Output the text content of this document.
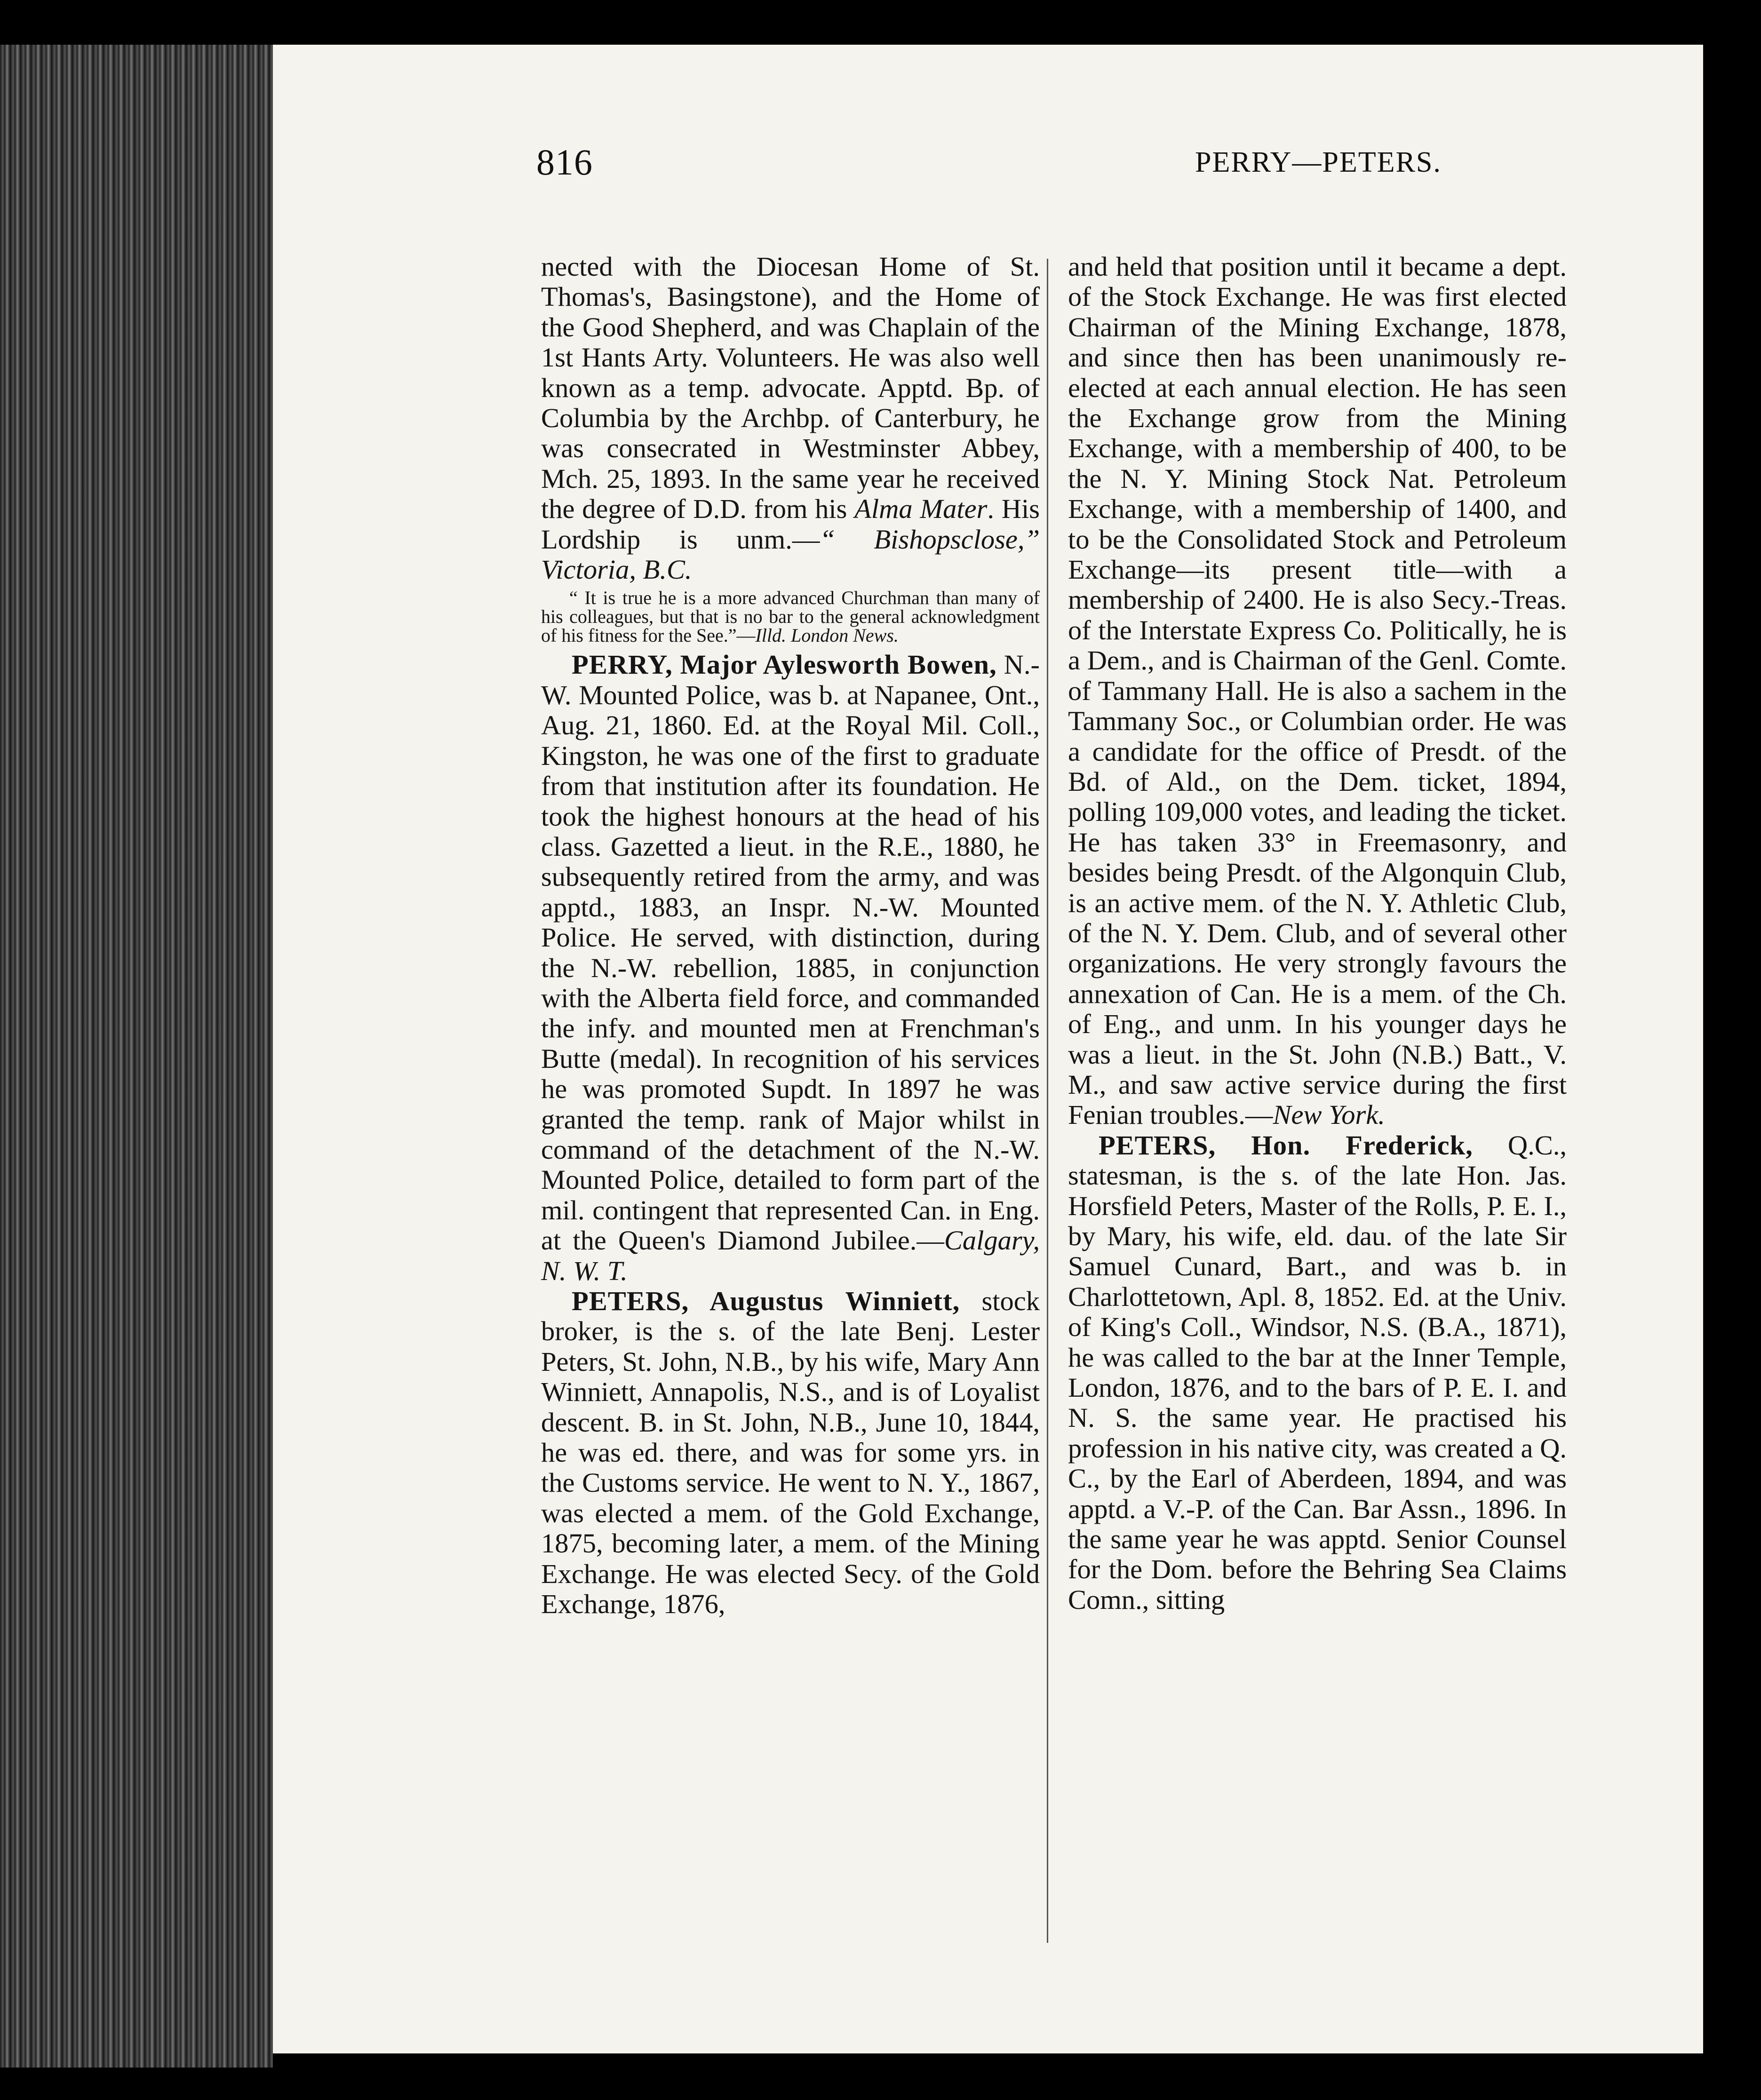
816	PERRY—PETERS.

nected with the Diocesan Home of St. Thomas's, Basingstone), and the Home of the Good Shepherd, and was Chaplain of the 1st Hants Arty. Volunteers. He was also well known as a temp. advocate. Apptd. Bp. of Columbia by the Archbp. of Canterbury, he was consecrated in Westminster Abbey, Mch. 25, 1893. In the same year he received the degree of D.D. from his Alma Mater. His Lordship is unm.—“ Bishopsclose,” Victoria, B.C.

“ It is true he is a more advanced Churchman than many of his colleagues, but that is no bar to the general acknowledgment of his fitness for the See.”—Illd. London News.

PERRY, Major Aylesworth Bowen, N.-W. Mounted Police, was b. at Napanee, Ont., Aug. 21, 1860. Ed. at the Royal Mil. Coll., Kingston, he was one of the first to graduate from that institution after its foundation. He took the highest honours at the head of his class. Gazetted a lieut. in the R.E., 1880, he subsequently retired from the army, and was apptd., 1883, an Inspr. N.-W. Mounted Police. He served, with distinction, during the N.-W. rebellion, 1885, in conjunction with the Alberta field force, and commanded the infy. and mounted men at Frenchman's Butte (medal). In recognition of his services he was promoted Supdt. In 1897 he was granted the temp. rank of Major whilst in command of the detachment of the N.-W. Mounted Police, detailed to form part of the mil. contingent that represented Can. in Eng. at the Queen's Diamond Jubilee.—Calgary, N. W. T.

PETERS, Augustus Winniett, stock broker, is the s. of the late Benj. Lester Peters, St. John, N.B., by his wife, Mary Ann Winniett, Annapolis, N.S., and is of Loyalist descent. B. in St. John, N.B., June 10, 1844, he was ed. there, and was for some yrs. in the Customs service. He went to N. Y., 1867, was elected a mem. of the Gold Exchange, 1875, becoming later, a mem. of the Mining Exchange. He was elected Secy. of the Gold Exchange, 1876,

and held that position until it became a dept. of the Stock Exchange. He was first elected Chairman of the Mining Exchange, 1878, and since then has been unanimously re-elected at each annual election. He has seen the Exchange grow from the Mining Exchange, with a membership of 400, to be the N. Y. Mining Stock Nat. Petroleum Exchange, with a membership of 1400, and to be the Consolidated Stock and Petroleum Exchange—its present title—with a membership of 2400. He is also Secy.-Treas. of the Interstate Express Co. Politically, he is a Dem., and is Chairman of the Genl. Comte. of Tammany Hall. He is also a sachem in the Tammany Soc., or Columbian order. He was a candidate for the office of Presdt. of the Bd. of Ald., on the Dem. ticket, 1894, polling 109,000 votes, and leading the ticket. He has taken 33° in Freemasonry, and besides being Presdt. of the Algonquin Club, is an active mem. of the N. Y. Athletic Club, of the N. Y. Dem. Club, and of several other organizations. He very strongly favours the annexation of Can. He is a mem. of the Ch. of Eng., and unm. In his younger days he was a lieut. in the St. John (N.B.) Batt., V. M., and saw active service during the first Fenian troubles.—New York.

PETERS, Hon. Frederick, Q.C., statesman, is the s. of the late Hon. Jas. Horsfield Peters, Master of the Rolls, P. E. I., by Mary, his wife, eld. dau. of the late Sir Samuel Cunard, Bart., and was b. in Charlottetown, Apl. 8, 1852. Ed. at the Univ. of King's Coll., Windsor, N.S. (B.A., 1871), he was called to the bar at the Inner Temple, London, 1876, and to the bars of P. E. I. and N. S. the same year. He practised his profession in his native city, was created a Q. C., by the Earl of Aberdeen, 1894, and was apptd. a V.-P. of the Can. Bar Assn., 1896. In the same year he was apptd. Senior Counsel for the Dom. before the Behring Sea Claims Comn., sitting
